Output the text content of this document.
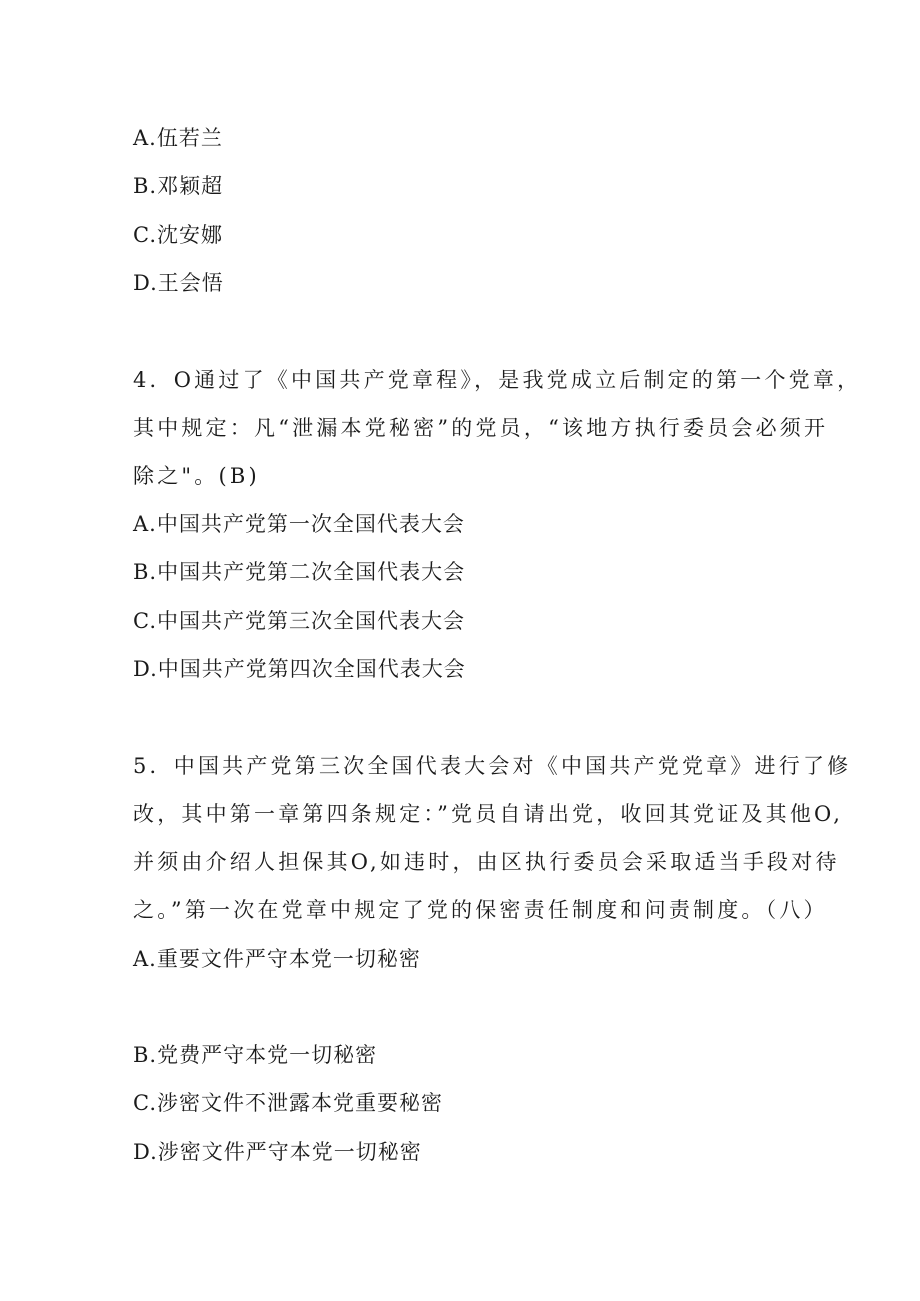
A.伍若兰
B.邓颖超
C.沈安娜
D.王会悟
4．O通过了《中国共产党章程》，是我党成立后制定的第一个党章，
其中规定：凡“泄漏本党秘密”的党员，“该地方执行委员会必须开
除之"。(B)
A.中国共产党第一次全国代表大会
B.中国共产党第二次全国代表大会
C.中国共产党第三次全国代表大会
D.中国共产党第四次全国代表大会
5．中国共产党第三次全国代表大会对《中国共产党党章》进行了修
改，其中第一章第四条规定：”党员自请出党，收回其党证及其他O,
并须由介绍人担保其O,如违时，由区执行委员会采取适当手段对待
之。”第一次在党章中规定了党的保密责任制度和问责制度。（八）
A.重要文件严守本党一切秘密
B.党费严守本党一切秘密
C.涉密文件不泄露本党重要秘密
D.涉密文件严守本党一切秘密
